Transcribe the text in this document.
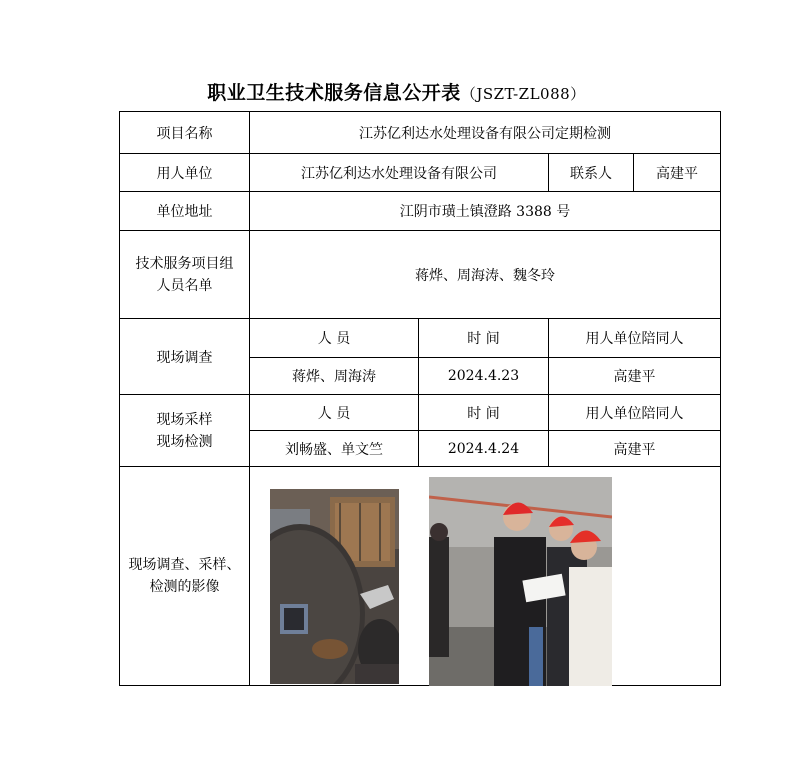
职业卫生技术服务信息公开表（JSZT-ZL088）
项目名称	江苏亿利达水处理设备有限公司定期检测			
用人单位	江苏亿利达水处理设备有限公司		联系人	高建平
单位地址	江阴市璜土镇澄路 3388 号			

技术服务项目组人员名单	蒋烨、周海涛、魏冬玲			
现场调查	人 员	时 间	用人单位陪同人	
	蒋烨、周海涛	2024.4.23	高建平	

现场采样现场检测	人 员	时 间	用人单位陪同人	
	刘畅盛、单文竺	2024.4.24	高建平	

现场调查、采样、检测的影像				
